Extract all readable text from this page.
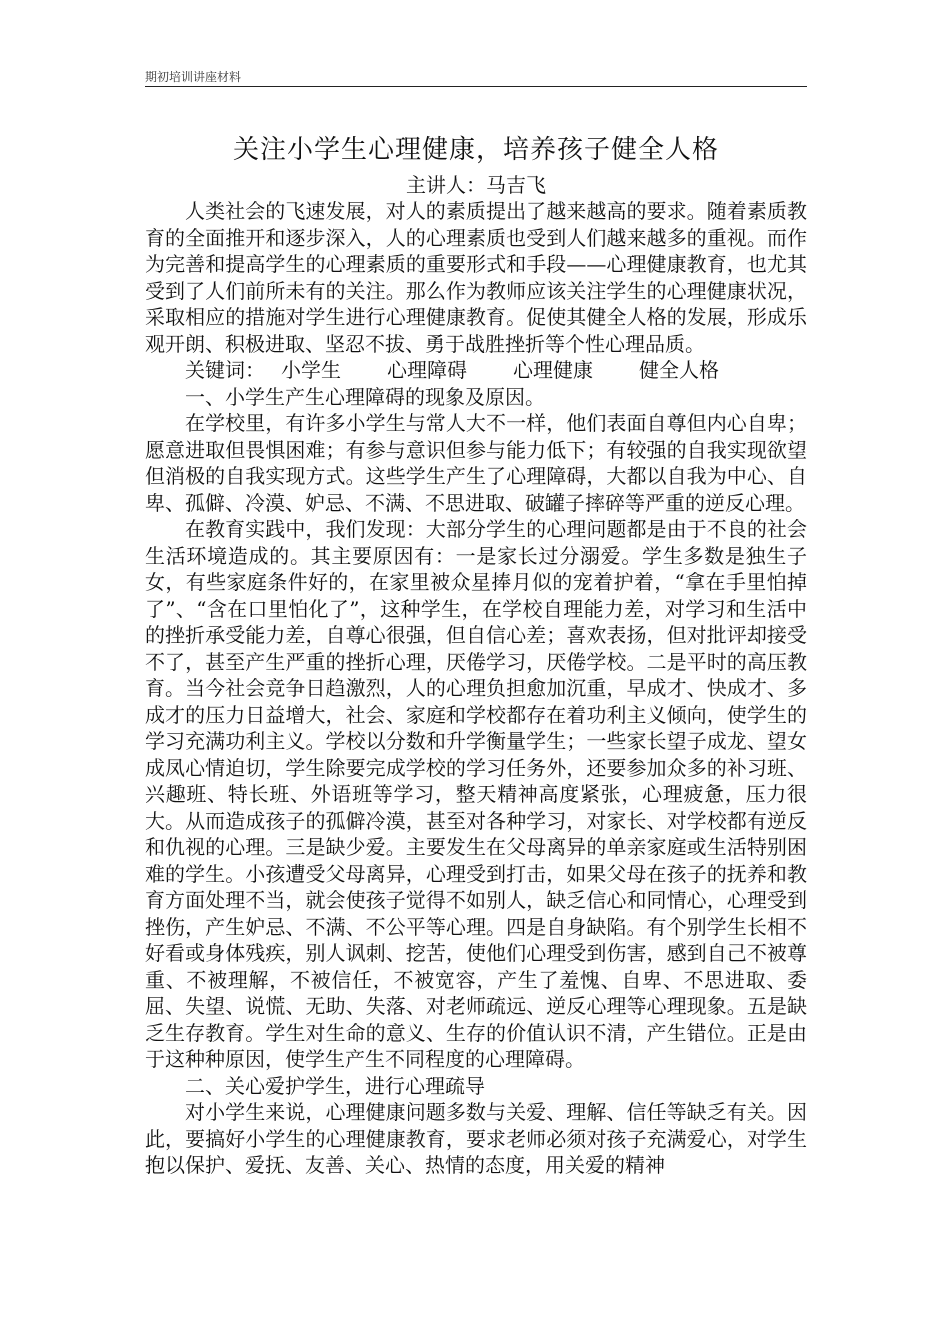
期初培训讲座材料
关注小学生心理健康，培养孩子健全人格
主讲人：马吉飞

人类社会的飞速发展，对人的素质提出了越来越高的要求。随着素质教育的全面推开和逐步深入，人的心理素质也受到人们越来越多的重视。而作为完善和提高学生的心理素质的重要形式和手段——心理健康教育，也尤其受到了人们前所未有的关注。那么作为教师应该关注学生的心理健康状况，采取相应的措施对学生进行心理健康教育。促使其健全人格的发展，形成乐观开朗、积极进取、坚忍不拔、勇于战胜挫折等个性心理品质。

关键词： 小学生 心理障碍 心理健康 健全人格

一、小学生产生心理障碍的现象及原因。

在学校里，有许多小学生与常人大不一样，他们表面自尊但内心自卑；愿意进取但畏惧困难；有参与意识但参与能力低下；有较强的自我实现欲望但消极的自我实现方式。这些学生产生了心理障碍，大都以自我为中心、自卑、孤僻、冷漠、妒忌、不满、不思进取、破罐子摔碎等严重的逆反心理。

在教育实践中，我们发现：大部分学生的心理问题都是由于不良的社会生活环境造成的。其主要原因有：一是家长过分溺爱。学生多数是独生子女，有些家庭条件好的，在家里被众星捧月似的宠着护着，“拿在手里怕掉了”、“含在口里怕化了”，这种学生，在学校自理能力差，对学习和生活中的挫折承受能力差，自尊心很强，但自信心差；喜欢表扬，但对批评却接受不了，甚至产生严重的挫折心理，厌倦学习，厌倦学校。二是平时的高压教育。当今社会竞争日趋激烈，人的心理负担愈加沉重，早成才、快成才、多成才的压力日益增大，社会、家庭和学校都存在着功利主义倾向，使学生的学习充满功利主义。学校以分数和升学衡量学生；一些家长望子成龙、望女成凤心情迫切，学生除要完成学校的学习任务外，还要参加众多的补习班、兴趣班、特长班、外语班等学习，整天精神高度紧张，心理疲惫，压力很大。从而造成孩子的孤僻冷漠，甚至对各种学习，对家长、对学校都有逆反和仇视的心理。三是缺少爱。主要发生在父母离异的单亲家庭或生活特别困难的学生。小孩遭受父母离异，心理受到打击，如果父母在孩子的抚养和教育方面处理不当，就会使孩子觉得不如别人，缺乏信心和同情心，心理受到挫伤，产生妒忌、不满、不公平等心理。四是自身缺陷。有个别学生长相不好看或身体残疾，别人讽刺、挖苦，使他们心理受到伤害，感到自己不被尊重、不被理解，不被信任，不被宽容，产生了羞愧、自卑、不思进取、委屈、失望、说慌、无助、失落、对老师疏远、逆反心理等心理现象。五是缺乏生存教育。学生对生命的意义、生存的价值认识不清，产生错位。正是由于这种种原因，使学生产生不同程度的心理障碍。

二、关心爱护学生，进行心理疏导

对小学生来说，心理健康问题多数与关爱、理解、信任等缺乏有关。因此，要搞好小学生的心理健康教育，要求老师必须对孩子充满爱心，对学生抱以保护、爱抚、友善、关心、热情的态度，用关爱的精神
